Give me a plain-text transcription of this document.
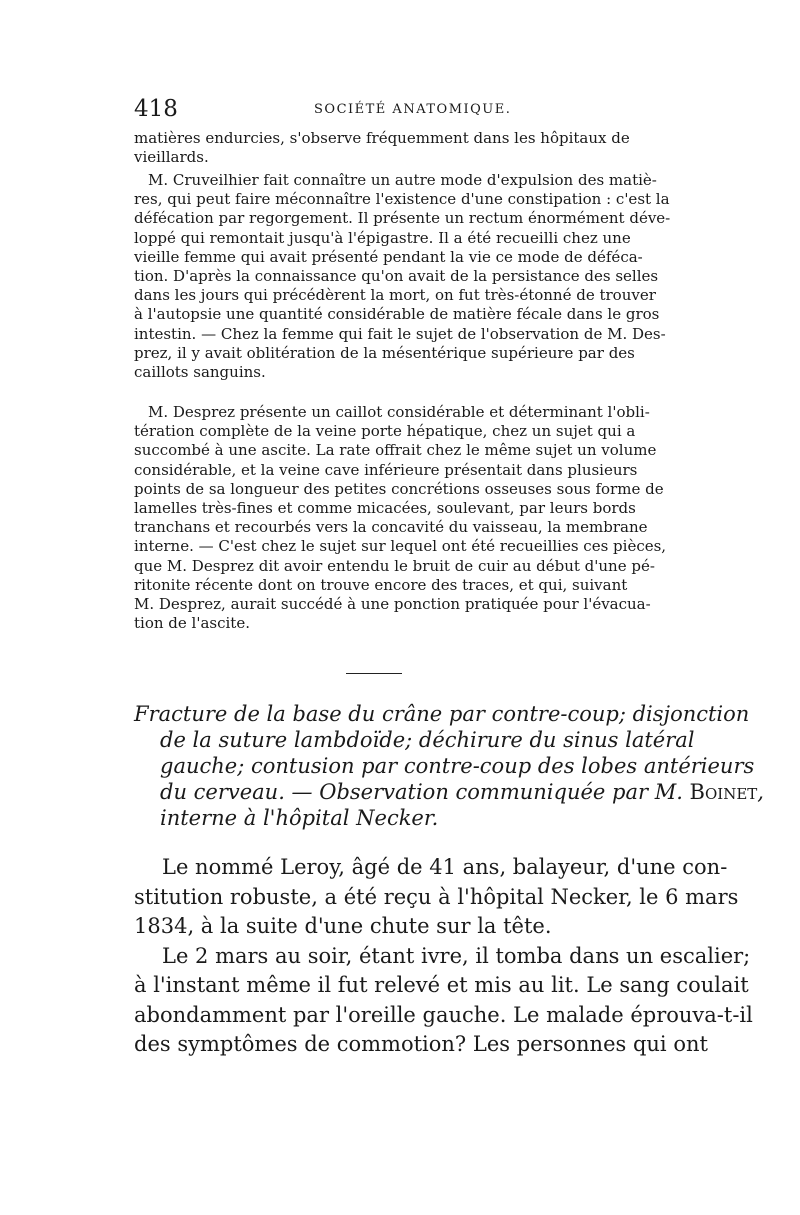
418	SOCIÉTÉ ANATOMIQUE.
matières endurcies, s'observe fréquemment dans les hôpitaux de
vieillards.
M. Cruveilhier fait connaître un autre mode d'expulsion des matiè-
res, qui peut faire méconnaître l'existence d'une constipation : c'est la
défécation par regorgement. Il présente un rectum énormément déve-
loppé qui remontait jusqu'à l'épigastre. Il a été recueilli chez une
vieille femme qui avait présenté pendant la vie ce mode de déféca-
tion. D'après la connaissance qu'on avait de la persistance des selles
dans les jours qui précédèrent la mort, on fut très-étonné de trouver
à l'autopsie une quantité considérable de matière fécale dans le gros
intestin. — Chez la femme qui fait le sujet de l'observation de M. Des-
prez, il y avait oblitération de la mésentérique supérieure par des
caillots sanguins.
M. Desprez présente un caillot considérable et déterminant l'obli-
tération complète de la veine porte hépatique, chez un sujet qui a
succombé à une ascite. La rate offrait chez le même sujet un volume
considérable, et la veine cave inférieure présentait dans plusieurs
points de sa longueur des petites concrétions osseuses sous forme de
lamelles très-fines et comme micacées, soulevant, par leurs bords
tranchans et recourbés vers la concavité du vaisseau, la membrane
interne. — C'est chez le sujet sur lequel ont été recueillies ces pièces,
que M. Desprez dit avoir entendu le bruit de cuir au début d'une pé-
ritonite récente dont on trouve encore des traces, et qui, suivant
M. Desprez, aurait succédé à une ponction pratiquée pour l'évacua-
tion de l'ascite.
Fracture de la base du crâne par contre-coup; disjonction
de la suture lambdoïde; déchirure du sinus latéral
gauche; contusion par contre-coup des lobes antérieurs
du cerveau. — Observation communiquée par M. Boinet,
interne à l'hôpital Necker.
Le nommé Leroy, âgé de 41 ans, balayeur, d'une con-
stitution robuste, a été reçu à l'hôpital Necker, le 6 mars
1834, à la suite d'une chute sur la tête.
Le 2 mars au soir, étant ivre, il tomba dans un escalier;
à l'instant même il fut relevé et mis au lit. Le sang coulait
abondamment par l'oreille gauche. Le malade éprouva-t-il
des symptômes de commotion? Les personnes qui ont
